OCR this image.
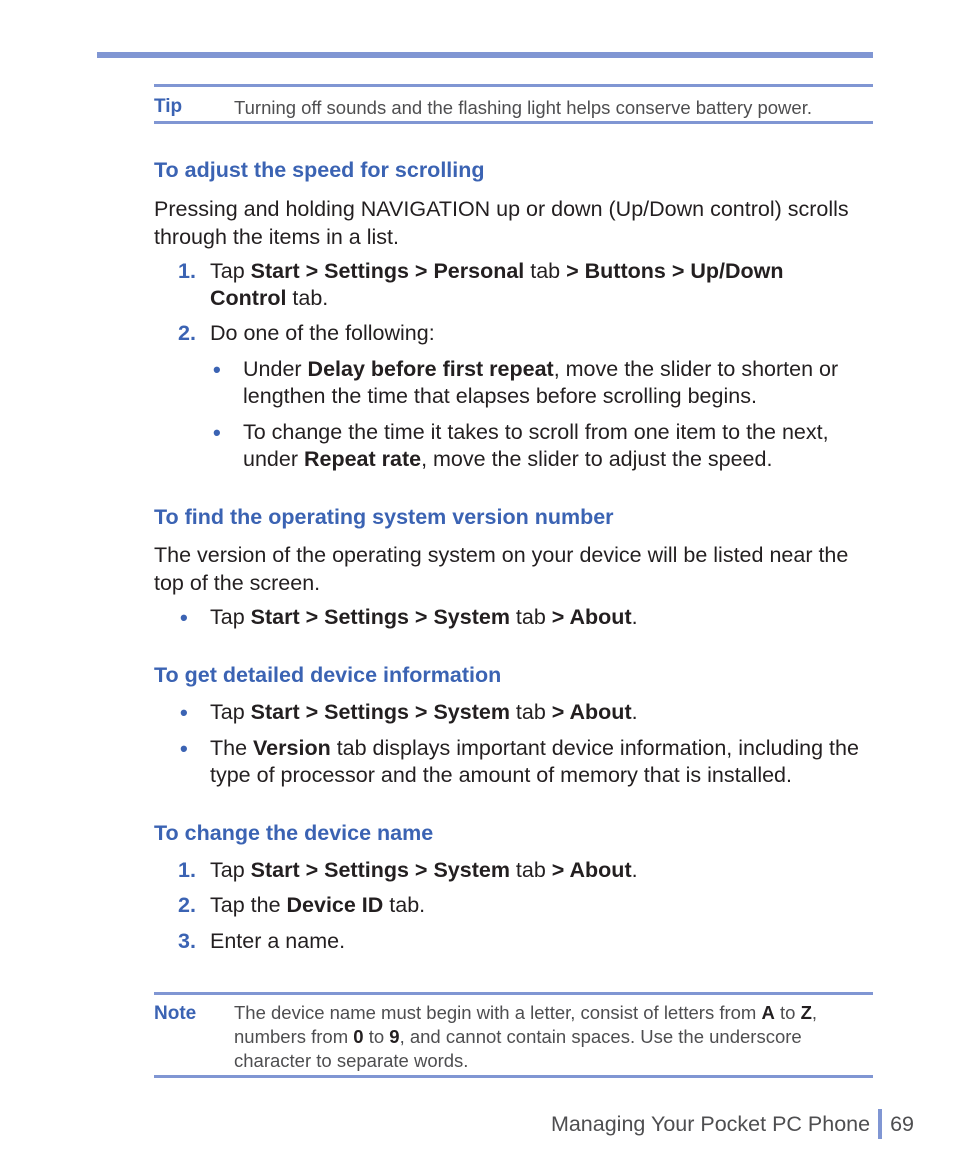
Tip	Turning off sounds and the flashing light helps conserve battery power.
To adjust the speed for scrolling

Pressing and holding NAVIGATION up or down (Up/Down control) scrolls through the items in a list.

1. Tap Start > Settings > Personal tab > Buttons > Up/Down Control tab.
2. Do one of the following:
• Under Delay before first repeat, move the slider to shorten or lengthen the time that elapses before scrolling begins.
• To change the time it takes to scroll from one item to the next, under Repeat rate, move the slider to adjust the speed.
To find the operating system version number

The version of the operating system on your device will be listed near the top of the screen.

• Tap Start > Settings > System tab > About.
To get detailed device information
• Tap Start > Settings > System tab > About.
• The Version tab displays important device information, including the type of processor and the amount of memory that is installed.
To change the device name
1. Tap Start > Settings > System tab > About.
2. Tap the Device ID tab.
3. Enter a name.
Note The device name must begin with a letter, consist of letters from A to Z, numbers from 0 to 9, and cannot contain spaces. Use the underscore character to separate words.
Managing Your Pocket PC Phone 69
